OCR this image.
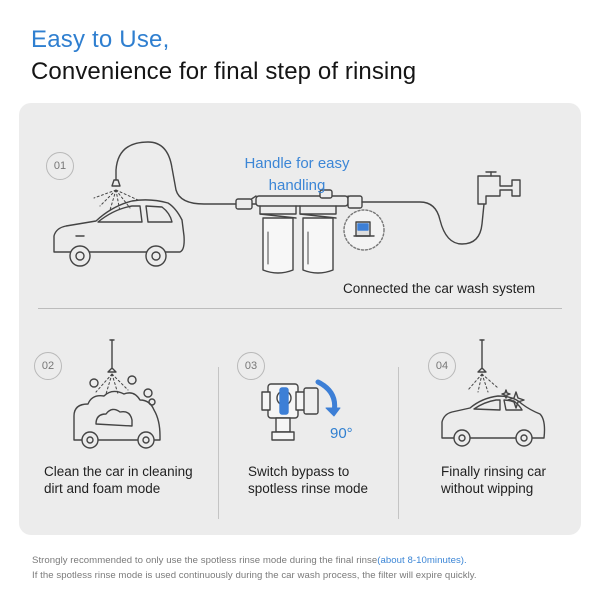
Easy to Use,
Convenience for final step of rinsing
01	Handle for easy
handling
Connected the car wash system
02
Clean the car in cleaning
dirt and foam mode
03
90°
Switch bypass to
spotless rinse mode
04
Finally rinsing car
without wipping
Strongly recommended to only use the spotless rinse mode during the final rinse(about 8-10minutes).
If the spotless rinse mode is used continuously during the car wash process, the filter will expire quickly.
